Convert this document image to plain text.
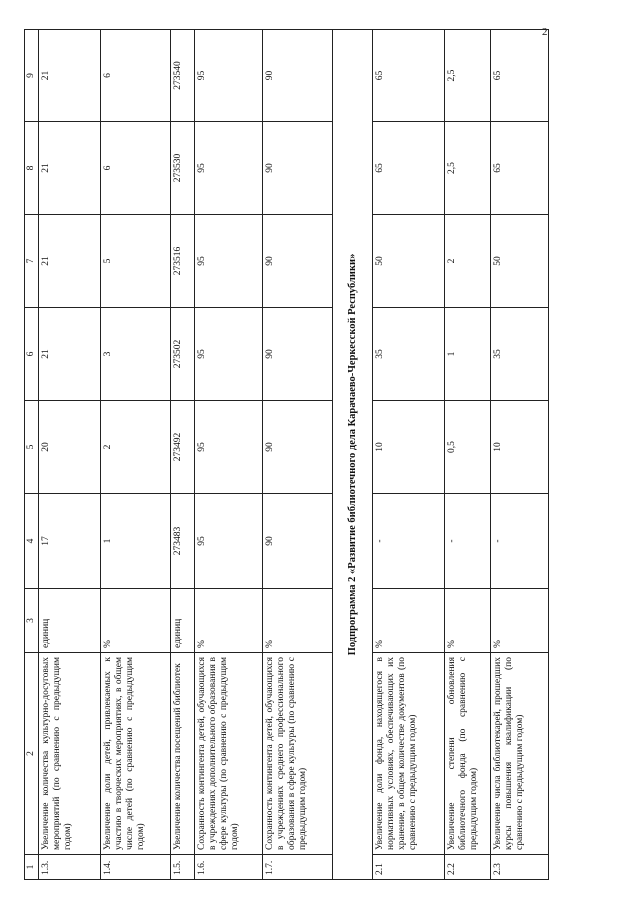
2
1	2	3	4	5	6	7	8	9
1.3.	Увеличение количества культурно-досуговых мероприятий (по сравнению с предыдущим годом)	единиц	17	20	21	21	21	21
1.4.	Увеличение доли детей, привлекаемых к участию в творческих мероприятиях, в общем числе детей (по сравнению с предыдущим годом)	%	1	2	3	5	6	6
1.5.	Увеличение количества посещений библиотек	единиц	273483	273492	273502	273516	273530	273540
1.6.	Сохранность контингента детей, обучающихся в учреждениях дополнительного образования в сфере культуры (по сравнению с предыдущим годом)	%	95	95	95	95	95	95
1.7.	Сохранность контингента детей, обучающихся в учреждениях среднего профессионального образования в сфере культуры (по сравнению с предыдущим годом)	%	90	90	90	90	90	90
Подпрограмма 2 «Развитие библиотечного дела Карачаево-Черкесской Республики»								
2.1	Увеличение доли фонда, находящегося в нормативных условиях, обеспечивающих их хранение, в общем количестве документов (по сравнению с предыдущим годом)	%	-	10	35	50	65	65
2.2	Увеличение степени обновления библиотечного фонда (по сравнению с предыдущим годом)	%	-	0,5	1	2	2,5	2,5
2.3	Увеличение числа библиотекарей, прошедших курсы повышения квалификации (по сравнению с предыдущим годом)	%	-	10	35	50	65	65
